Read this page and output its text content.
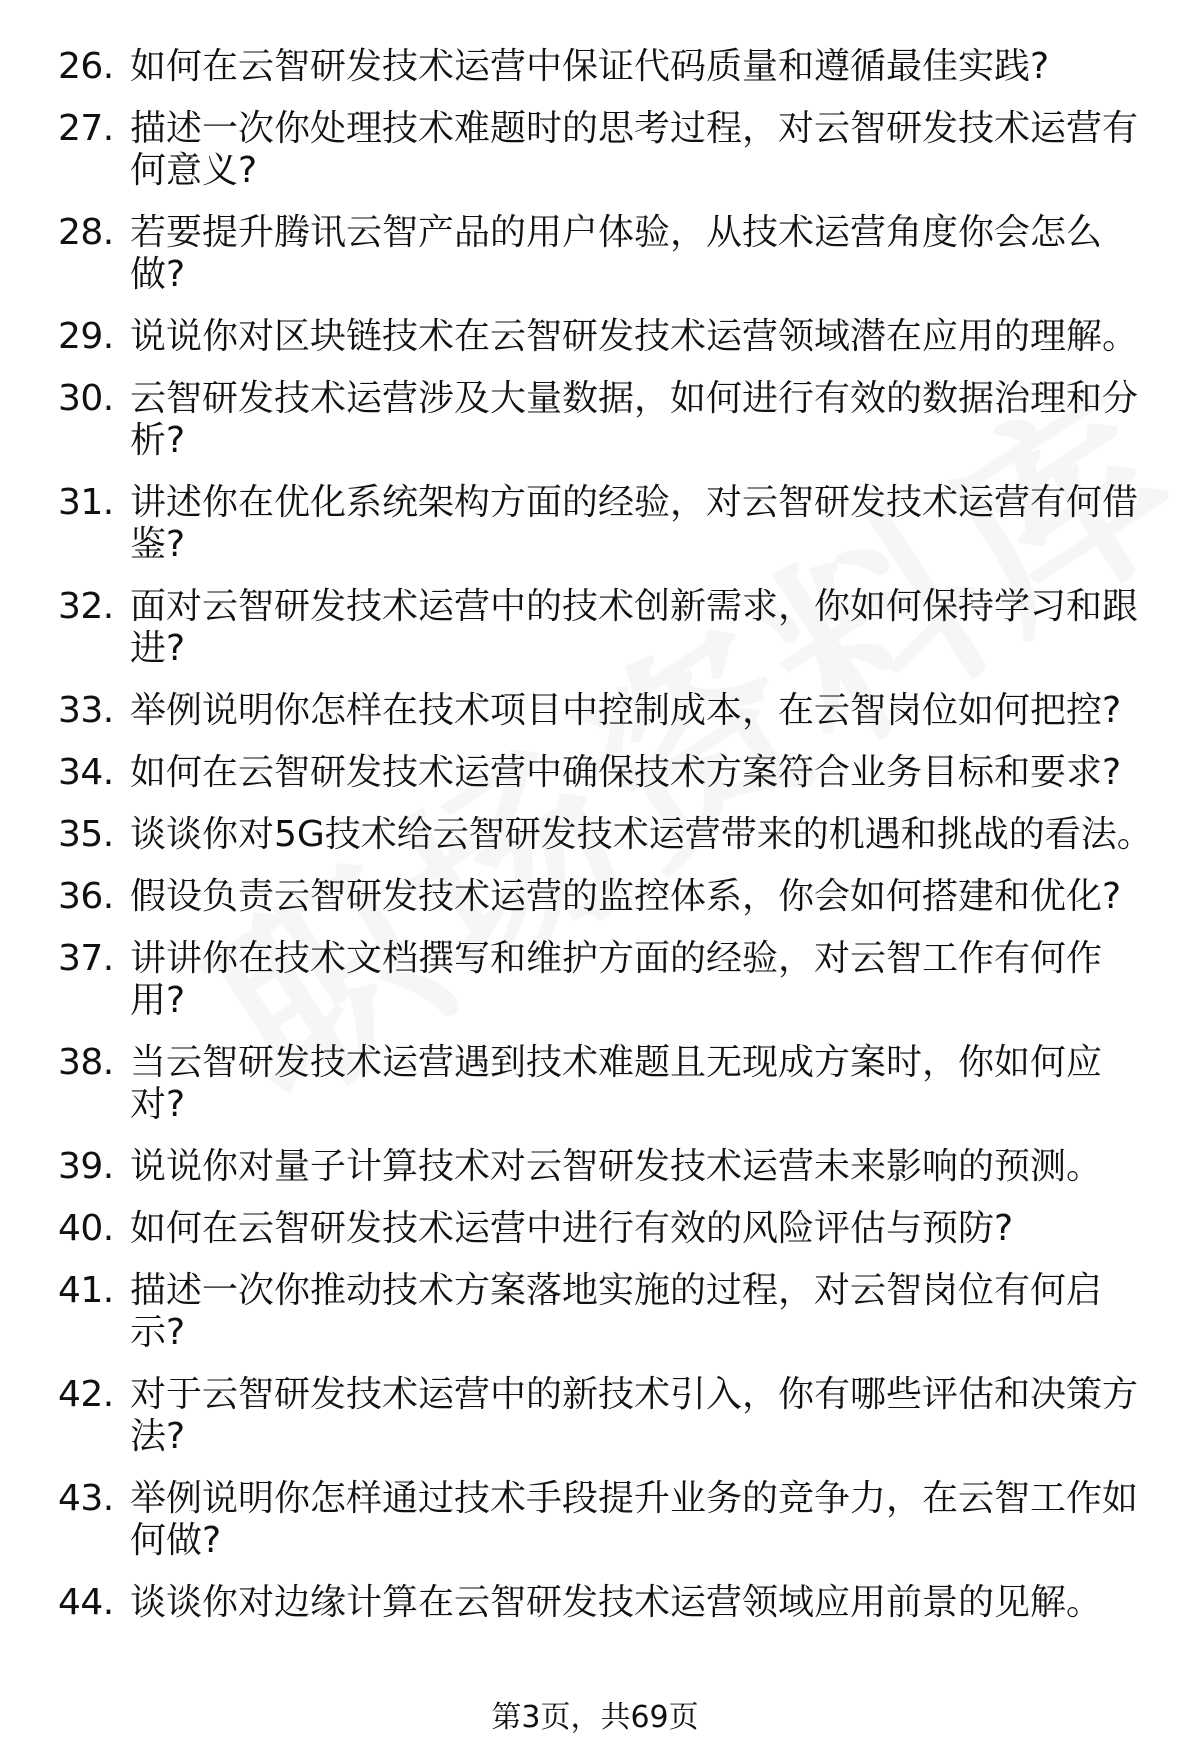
26. 如何在云智研发技术运营中保证代码质量和遵循最佳实践?
27. 描述一次你处理技术难题时的思考过程，对云智研发技术运营有何意义?
28. 若要提升腾讯云智产品的用户体验，从技术运营角度你会怎么做?
29. 说说你对区块链技术在云智研发技术运营领域潜在应用的理解。
30. 云智研发技术运营涉及大量数据，如何进行有效的数据治理和分析?
31. 讲述你在优化系统架构方面的经验，对云智研发技术运营有何借鉴?
32. 面对云智研发技术运营中的技术创新需求，你如何保持学习和跟进?
33. 举例说明你怎样在技术项目中控制成本，在云智岗位如何把控?
34. 如何在云智研发技术运营中确保技术方案符合业务目标和要求?
35. 谈谈你对5G技术给云智研发技术运营带来的机遇和挑战的看法。
36. 假设负责云智研发技术运营的监控体系，你会如何搭建和优化?
37. 讲讲你在技术文档撰写和维护方面的经验，对云智工作有何作用?
38. 当云智研发技术运营遇到技术难题且无现成方案时，你如何应对?
39. 说说你对量子计算技术对云智研发技术运营未来影响的预测。
40. 如何在云智研发技术运营中进行有效的风险评估与预防?
41. 描述一次你推动技术方案落地实施的过程，对云智岗位有何启示?
42. 对于云智研发技术运营中的新技术引入，你有哪些评估和决策方法?
43. 举例说明你怎样通过技术手段提升业务的竞争力，在云智工作如何做?
44. 谈谈你对边缘计算在云智研发技术运营领域应用前景的见解。
第3页，共69页
